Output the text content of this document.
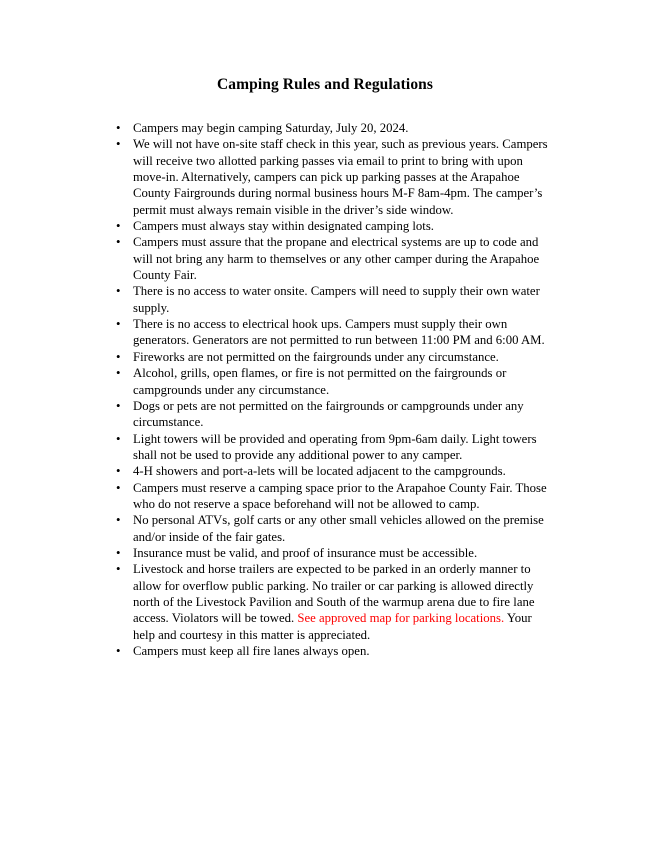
Camping Rules and Regulations
• Campers may begin camping Saturday, July 20, 2024.
• We will not have on-site staff check in this year, such as previous years. Campers will receive two allotted parking passes via email to print to bring with upon move-in. Alternatively, campers can pick up parking passes at the Arapahoe County Fairgrounds during normal business hours M-F 8am-4pm. The camper’s permit must always remain visible in the driver’s side window.
• Campers must always stay within designated camping lots.
• Campers must assure that the propane and electrical systems are up to code and will not bring any harm to themselves or any other camper during the Arapahoe County Fair.
• There is no access to water onsite. Campers will need to supply their own water supply.
• There is no access to electrical hook ups. Campers must supply their own generators. Generators are not permitted to run between 11:00 PM and 6:00 AM.
• Fireworks are not permitted on the fairgrounds under any circumstance.
• Alcohol, grills, open flames, or fire is not permitted on the fairgrounds or campgrounds under any circumstance.
• Dogs or pets are not permitted on the fairgrounds or campgrounds under any circumstance.
• Light towers will be provided and operating from 9pm-6am daily. Light towers shall not be used to provide any additional power to any camper.
• 4-H showers and port-a-lets will be located adjacent to the campgrounds.
• Campers must reserve a camping space prior to the Arapahoe County Fair. Those who do not reserve a space beforehand will not be allowed to camp.
• No personal ATVs, golf carts or any other small vehicles allowed on the premise and/or inside of the fair gates.
• Insurance must be valid, and proof of insurance must be accessible.
• Livestock and horse trailers are expected to be parked in an orderly manner to allow for overflow public parking. No trailer or car parking is allowed directly north of the Livestock Pavilion and South of the warmup arena due to fire lane access. Violators will be towed. See approved map for parking locations. Your help and courtesy in this matter is appreciated.
• Campers must keep all fire lanes always open.
